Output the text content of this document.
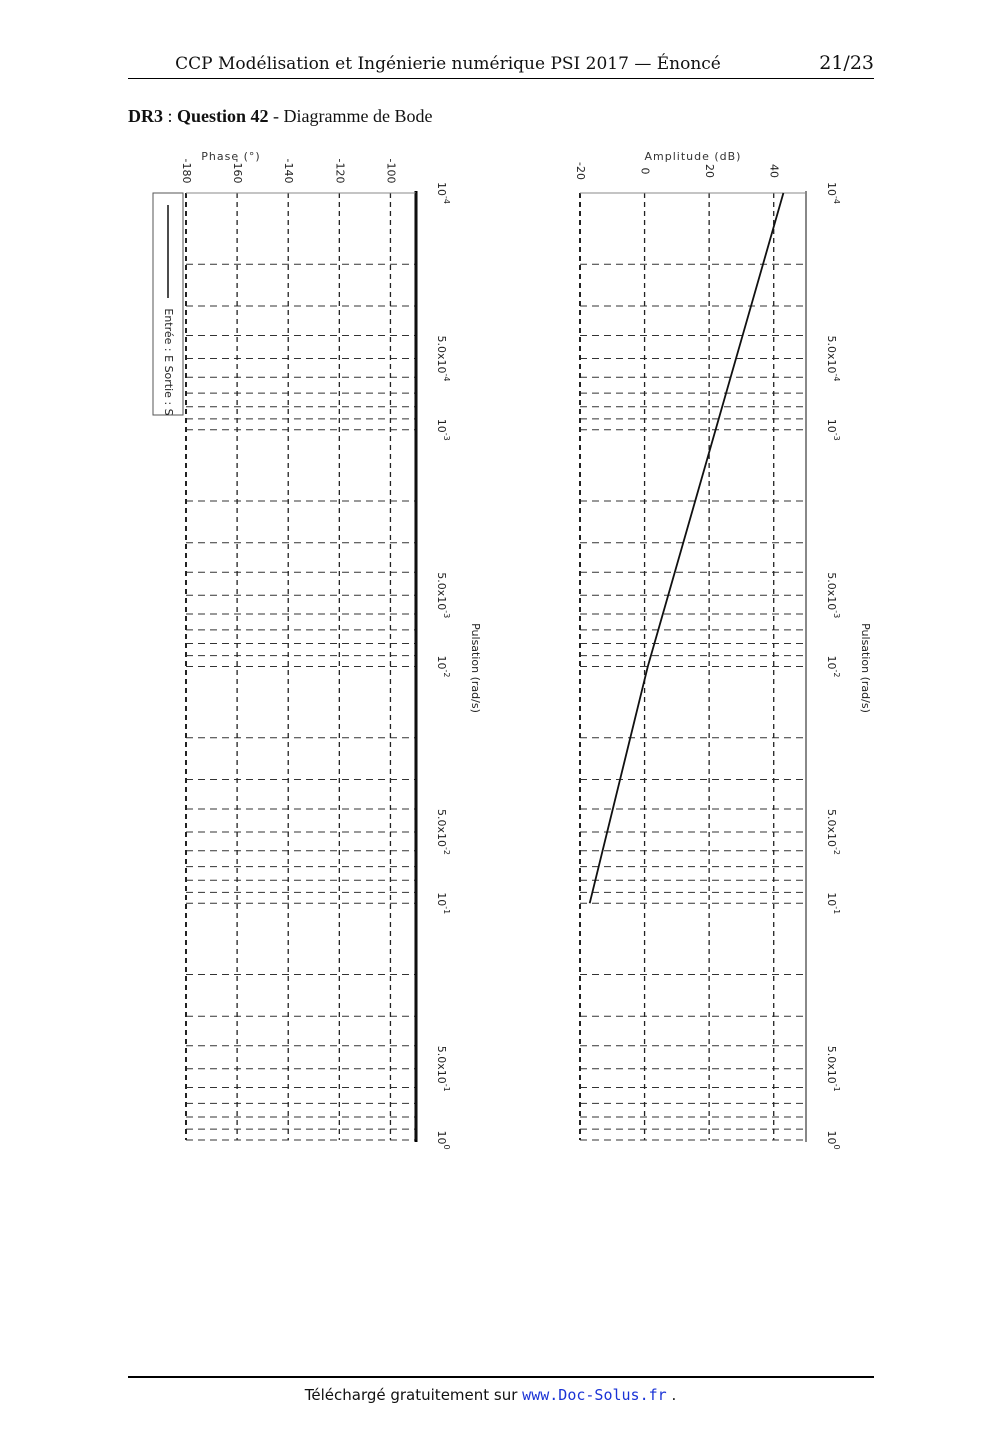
CCP Modélisation et Ingénierie numérique PSI 2017 — Énoncé	21/23
DR3 : Question 42 - Diagramme de Bode
-180	-160	-140	-120	-100
Phase (°)
$10^{-4}$
$5.0x10^{-4}$
$10^{-3}$
$5.0x10^{-3}$
$10^{-2}$
$5.0x10^{-2}$
$10^{-1}$
$5.0x10^{-1}$
$10^0$
Pulsation (rad/s)
Entrée : E Sortie : S
-20	0	20	40
Amplitude (dB)
$10^{-4}$
$5.0x10^{-4}$
$10^{-3}$
$5.0x10^{-3}$
$10^{-2}$
$5.0x10^{-2}$
$10^{-1}$
$5.0x10^{-1}$
$10^0$
Pulsation (rad/s)
Téléchargé gratuitement sur www.Doc-Solus.fr .
